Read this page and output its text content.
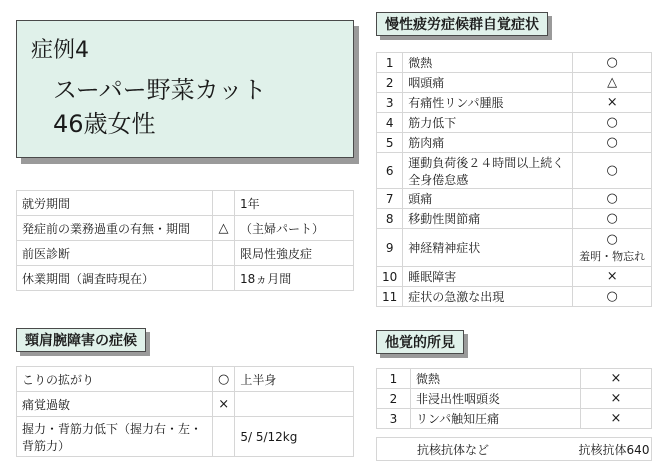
症例4
スーパー野菜カット
46歳女性
就労期間		1年
発症前の業務過重の有無・期間	△	（主婦パート）
前医診断		限局性強皮症
休業期間（調査時現在）		18ヵ月間
頸肩腕障害の症候
こりの拡がり	○	上半身
痛覚過敏	×	
握力・背筋力低下（握力右・左・背筋力）		5/ 5/12kg
慢性疲労症候群自覚症状
1	微熱	○
2	咽頭痛	△
3	有痛性リンパ腫脹	×
4	筋力低下	○
5	筋肉痛	○
6	運動負荷後２４時間以上続く全身倦怠感	○
7	頭痛	○
8	移動性関節痛	○
9	神経精神症状	○
羞明・物忘れ

10	睡眠障害	×
11	症状の急激な出現	○
他覚的所見
1	微熱	×
2	非浸出性咽頭炎	×
3	リンパ触知圧痛	×
抗核抗体など	抗核抗体640
